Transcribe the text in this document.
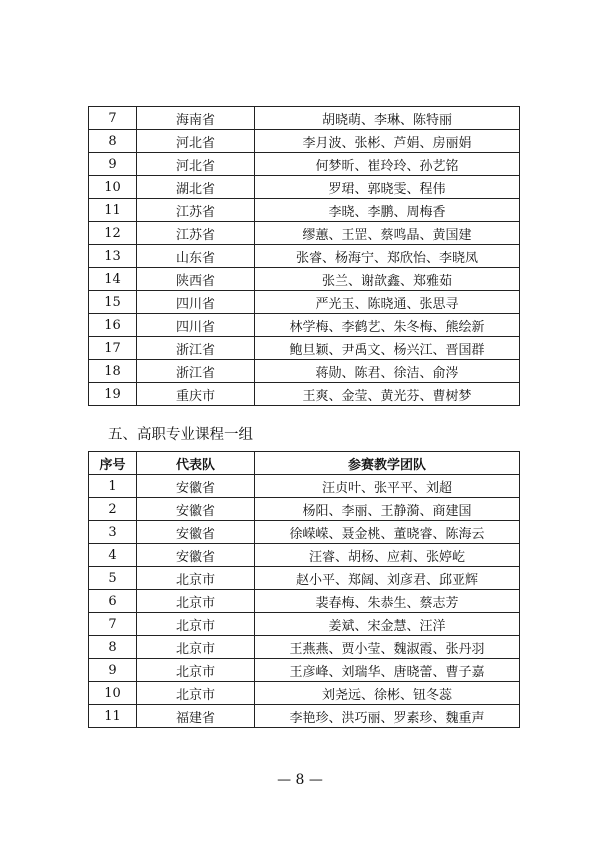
7	海南省	胡晓萌、李琳、陈特丽
8	河北省	李月波、张彬、芦娟、房丽娟
9	河北省	何梦昕、崔玲玲、孙艺铭
10	湖北省	罗珺、郭晓雯、程伟
11	江苏省	李晓、李鹏、周梅香
12	江苏省	缪蕙、王罡、蔡鸣晶、黄国建
13	山东省	张睿、杨海宁、郑欣怡、李晓凤
14	陕西省	张兰、谢歆鑫、郑雅茹
15	四川省	严光玉、陈晓通、张思寻
16	四川省	林学梅、李鹤艺、朱冬梅、熊绘新
17	浙江省	鲍旦颖、尹禹文、杨兴江、晋国群
18	浙江省	蒋勋、陈君、徐洁、俞涔
19	重庆市	王爽、金莹、黄光芬、曹树梦
五、高职专业课程一组
序号	代表队	参赛教学团队
1	安徽省	汪贞叶、张平平、刘超
2	安徽省	杨阳、李丽、王静漪、商建国
3	安徽省	徐嵘嵘、聂金桃、董晓睿、陈海云
4	安徽省	汪睿、胡杨、应莉、张婷屹
5	北京市	赵小平、郑阔、刘彦君、邱亚辉
6	北京市	裴春梅、朱恭生、蔡志芳
7	北京市	姜斌、宋金慧、汪洋
8	北京市	王燕燕、贾小莹、魏淑霞、张丹羽
9	北京市	王彦峰、刘瑞华、唐晓蕾、曹子嘉
10	北京市	刘尧远、徐彬、钮冬蕊
11	福建省	李艳珍、洪巧丽、罗素珍、魏重声
— 8 —
